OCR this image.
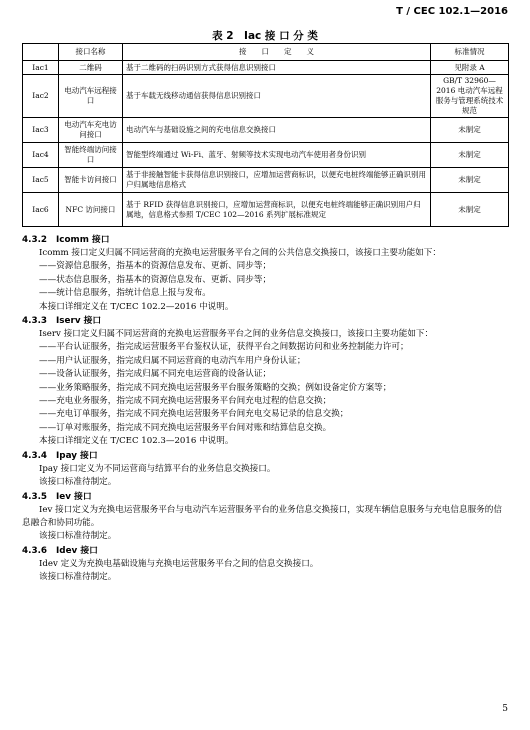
T / CEC 102.1—2016
表 2　Iac 接 口 分 类
	接口名称	接　　口　　定　　义	标准情况
Iac1	二维码	基于二维码的扫码识别方式获得信息识别接口	见附录 A
Iac2	电动汽车远程接口	基于车载无线移动通信获得信息识别接口	GB/T 32960—2016 电动汽车远程服务与管理系统技术规范
Iac3	电动汽车充电访问接口	电动汽车与基础设施之间的充电信息交换接口	未制定
Iac4	智能终端访问接口	智能型终端通过 Wi-Fi、蓝牙、射频等技术实现电动汽车使用者身份识别	未制定
Iac5	智能卡访问接口	基于非接触智能卡获得信息识别接口，应增加运营商标识，以便充电桩终端能够正确识别用户归属地信息格式	未制定
Iac6	NFC 访问接口	基于 RFID 获得信息识别接口，应增加运营商标识，以便充电桩终端能够正确识别用户归属地，信息格式参照 T/CEC 102—2016 系列扩展标准规定	未制定
4.3.2 Icomm 接口

Icomm 接口定义归属不同运营商的充换电运营服务平台之间的公共信息交换接口，该接口主要功能如下：

——资源信息服务，指基本的资源信息发布、更新、同步等；

——状态信息服务，指基本的资源信息发布、更新、同步等；

——统计信息服务，指统计信息上报与发布。

本接口详细定义在 T/CEC 102.2—2016 中说明。

4.3.3 Iserv 接口

Iserv 接口定义归属不同运营商的充换电运营服务平台之间的业务信息交换接口，该接口主要功能如下：

——平台认证服务，指完成运营服务平台鉴权认证，获得平台之间数据访问和业务控制能力许可；

——用户认证服务，指完成归属不同运营商的电动汽车用户身份认证；

——设备认证服务，指完成归属不同充电运营商的设备认证；

——业务策略服务，指完成不同充换电运营服务平台服务策略的交换；例如设备定价方案等；

——充电业务服务，指完成不同充换电运营服务平台间充电过程的信息交换；

——充电订单服务，指完成不同充换电运营服务平台间充电交易记录的信息交换；

——订单对账服务，指完成不同充换电运营服务平台间对账和结算信息交换。

本接口详细定义在 T/CEC 102.3—2016 中说明。

4.3.4 Ipay 接口

Ipay 接口定义为不同运营商与结算平台的业务信息交换接口。

该接口标准待制定。

4.3.5 Iev 接口

Iev 接口定义为充换电运营服务平台与电动汽车运营服务平台的业务信息交换接口，实现车辆信息服务与充电信息服务的信息融合和协同功能。

该接口标准待制定。

4.3.6 Idev 接口

Idev 定义为充换电基础设施与充换电运营服务平台之间的信息交换接口。

该接口标准待制定。

5
